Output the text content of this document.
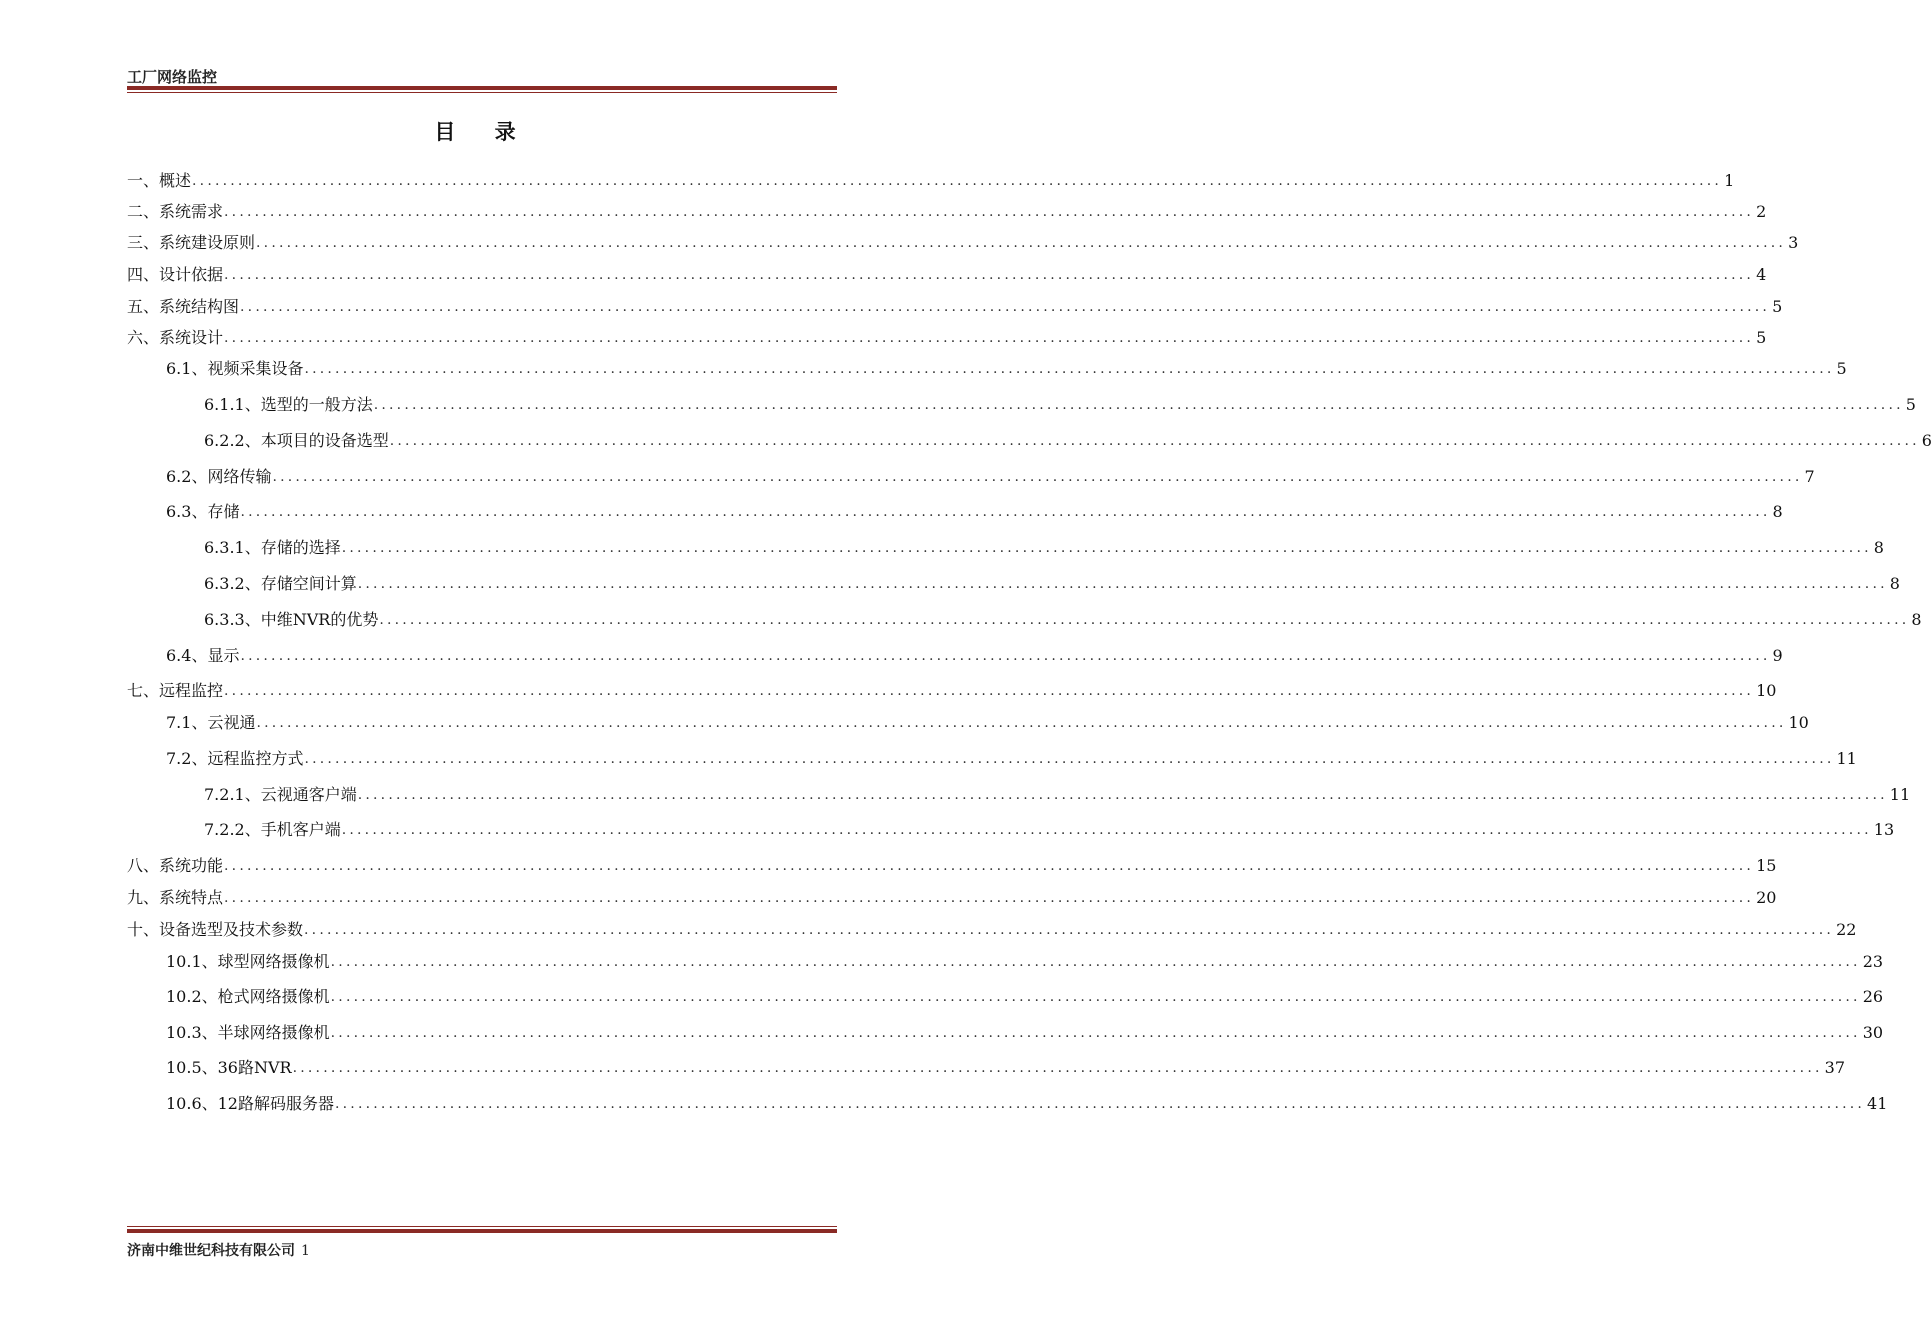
工厂网络监控
目 录
一、概述 ........................................................................................................................................................................................................ 1
二、系统需求 ........................................................................................................................................................................................................ 2
三、系统建设原则 ........................................................................................................................................................................................................ 3
四、设计依据 ........................................................................................................................................................................................................ 4
五、系统结构图 ........................................................................................................................................................................................................ 5
六、系统设计 ........................................................................................................................................................................................................ 5
6.1、视频采集设备 ........................................................................................................................................................................................................ 5
6.1.1、选型的一般方法 ........................................................................................................................................................................................................ 5
6.2.2、本项目的设备选型 ........................................................................................................................................................................................................ 6
6.2、网络传输 ........................................................................................................................................................................................................ 7
6.3、存储 ........................................................................................................................................................................................................ 8
6.3.1、存储的选择 ........................................................................................................................................................................................................ 8
6.3.2、存储空间计算 ........................................................................................................................................................................................................ 8
6.3.3、中维NVR的优势 ........................................................................................................................................................................................................ 8
6.4、显示 ........................................................................................................................................................................................................ 9
七、远程监控 ........................................................................................................................................................................................................ 10
7.1、云视通 ........................................................................................................................................................................................................ 10
7.2、远程监控方式 ........................................................................................................................................................................................................ 11
7.2.1、云视通客户端 ........................................................................................................................................................................................................ 11
7.2.2、手机客户端 ........................................................................................................................................................................................................ 13
八、系统功能 ........................................................................................................................................................................................................ 15
九、系统特点 ........................................................................................................................................................................................................ 20
十、设备选型及技术参数 ........................................................................................................................................................................................................ 22
10.1、球型网络摄像机 ........................................................................................................................................................................................................ 23
10.2、枪式网络摄像机 ........................................................................................................................................................................................................ 26
10.3、半球网络摄像机 ........................................................................................................................................................................................................ 30
10.5、36路NVR ........................................................................................................................................................................................................ 37
10.6、12路解码服务器 ........................................................................................................................................................................................................ 41
济南中维世纪科技有限公司 1
